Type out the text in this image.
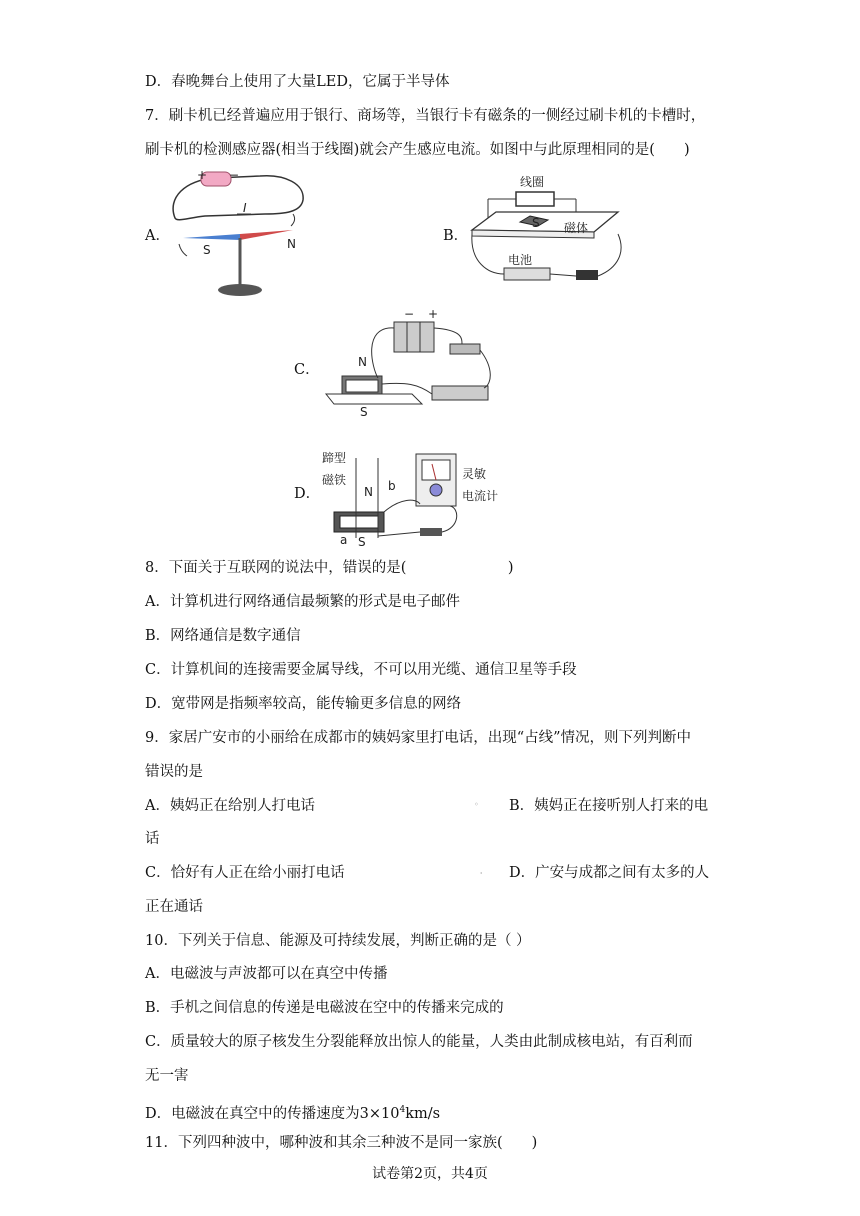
D．春晚舞台上使用了大量LED，它属于半导体
7．刷卡机已经普遍应用于银行、商场等，当银行卡有磁条的一侧经过刷卡机的卡槽时，
刷卡机的检测感应器(相当于线圈)就会产生感应电流。如图中与此原理相同的是(　　)
A．	B．
C．
D．
+ −
I
S	N
线圈
S 磁体
电池
− +
N
S
蹄型
磁铁
N b
a S
灵敏
电流计
8．下面关于互联网的说法中，错误的是(　　　　　　　)
A．计算机进行网络通信最频繁的形式是电子邮件
B．网络通信是数字通信
C．计算机间的连接需要金属导线，不可以用光缆、通信卫星等手段
D．宽带网是指频率较高，能传输更多信息的网络
9．家居广安市的小丽给在成都市的姨妈家里打电话，出现“占线”情况，则下列判断中
错误的是
A．姨妈正在给别人打电话	◦ B．姨妈正在接听别人打来的电
话
C．恰好有人正在给小丽打电话	ˌ D．广安与成都之间有太多的人
正在通话
10．下列关于信息、能源及可持续发展，判断正确的是（ ）
A．电磁波与声波都可以在真空中传播
B．手机之间信息的传递是电磁波在空中的传播来完成的
C．质量较大的原子核发生分裂能释放出惊人的能量，人类由此制成核电站，有百利而
无一害
D．电磁波在真空中的传播速度为$3\times 10^4km/s$
11．下列四种波中，哪种波和其余三种波不是同一家族(　　)
试卷第2页，共4页
